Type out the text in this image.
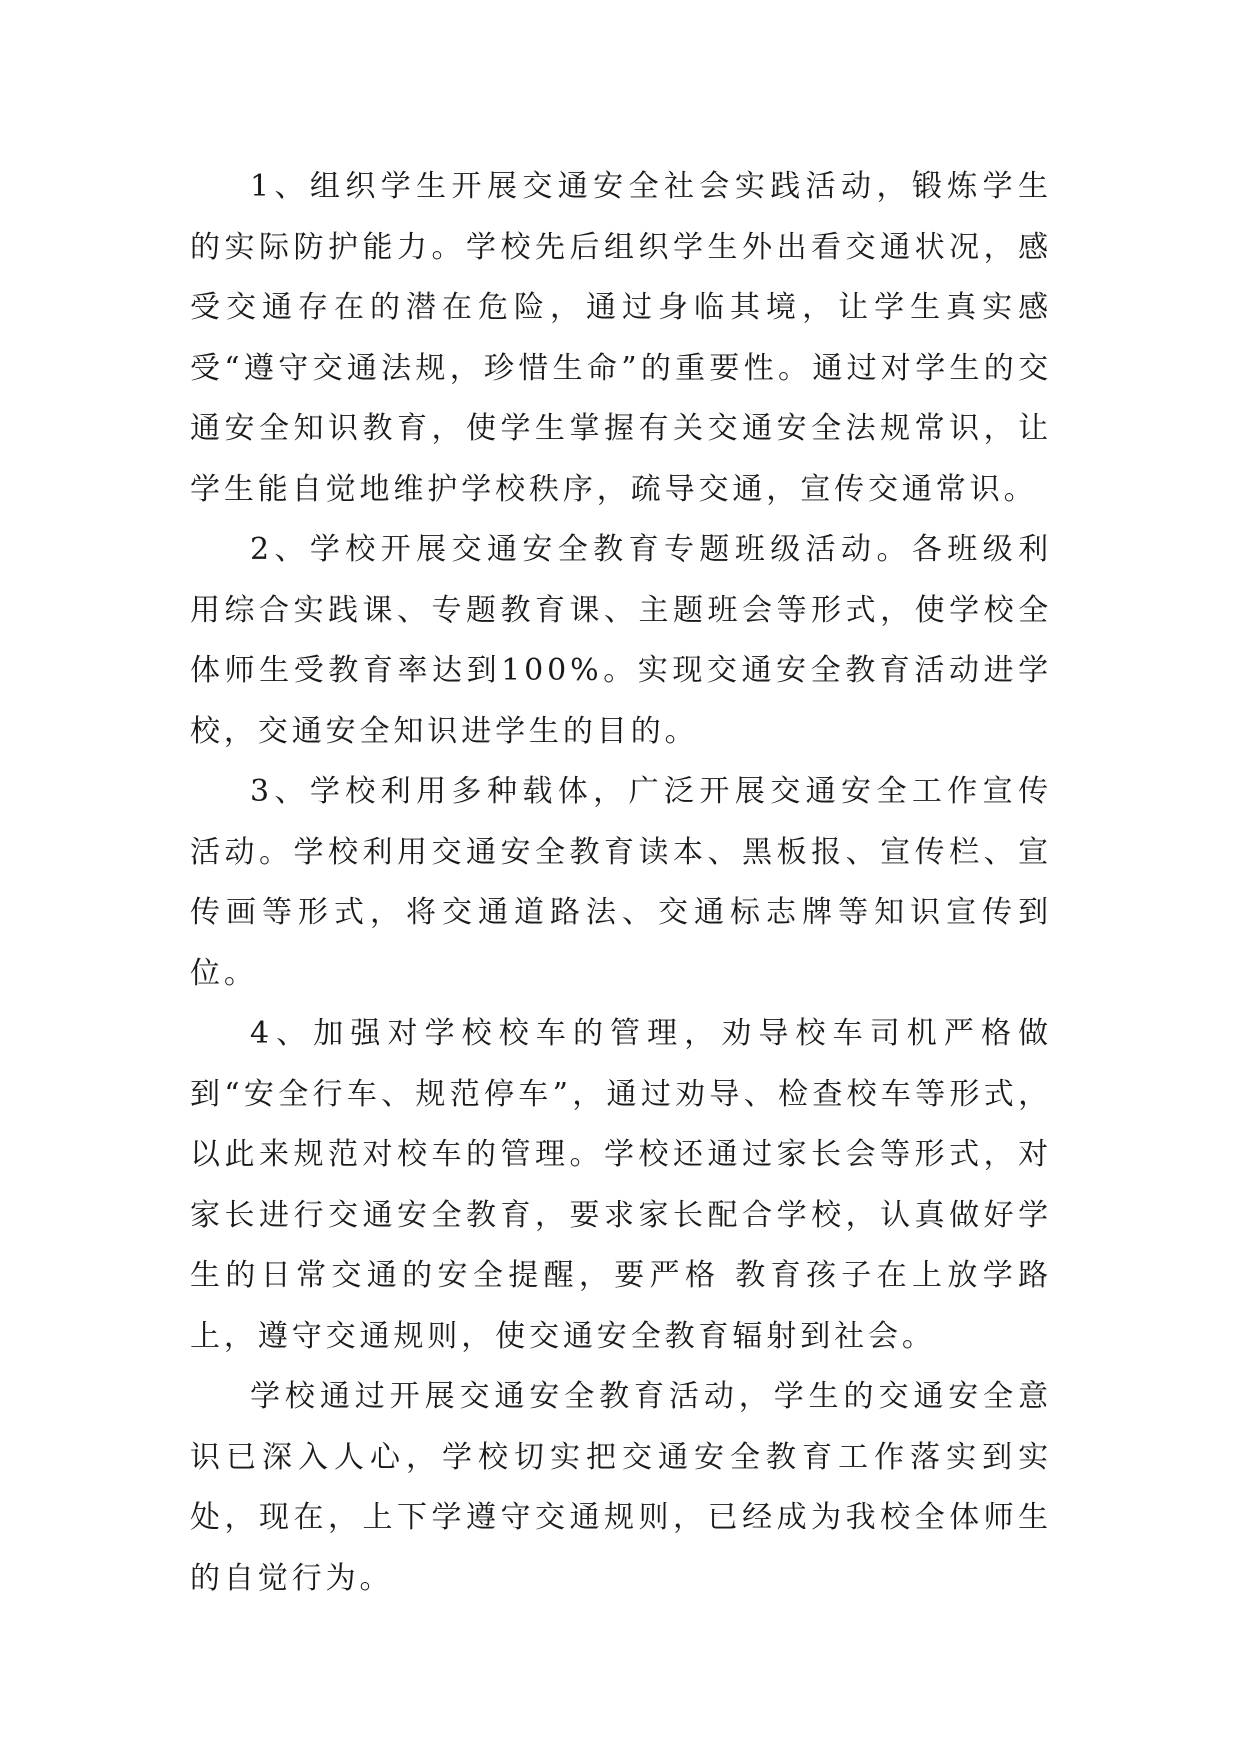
1、组织学生开展交通安全社会实践活动，锻炼学生的实际防护能力。学校先后组织学生外出看交通状况，感受交通存在的潜在危险，通过身临其境，让学生真实感受“遵守交通法规，珍惜生命”的重要性。通过对学生的交通安全知识教育，使学生掌握有关交通安全法规常识，让学生能自觉地维护学校秩序，疏导交通，宣传交通常识。

2、学校开展交通安全教育专题班级活动。各班级利用综合实践课、专题教育课、主题班会等形式，使学校全体师生受教育率达到100%。实现交通安全教育活动进学校，交通安全知识进学生的目的。

3、学校利用多种载体，广泛开展交通安全工作宣传活动。学校利用交通安全教育读本、黑板报、宣传栏、宣传画等形式，将交通道路法、交通标志牌等知识宣传到位。

4、加强对学校校车的管理，劝导校车司机严格做到“安全行车、规范停车”，通过劝导、检查校车等形式，以此来规范对校车的管理。学校还通过家长会等形式，对家长进行交通安全教育，要求家长配合学校，认真做好学生的日常交通的安全提醒，要严格 教育孩子在上放学路上，遵守交通规则，使交通安全教育辐射到社会。

学校通过开展交通安全教育活动，学生的交通安全意识已深入人心，学校切实把交通安全教育工作落实到实处，现在，上下学遵守交通规则，已经成为我校全体师生的自觉行为。
